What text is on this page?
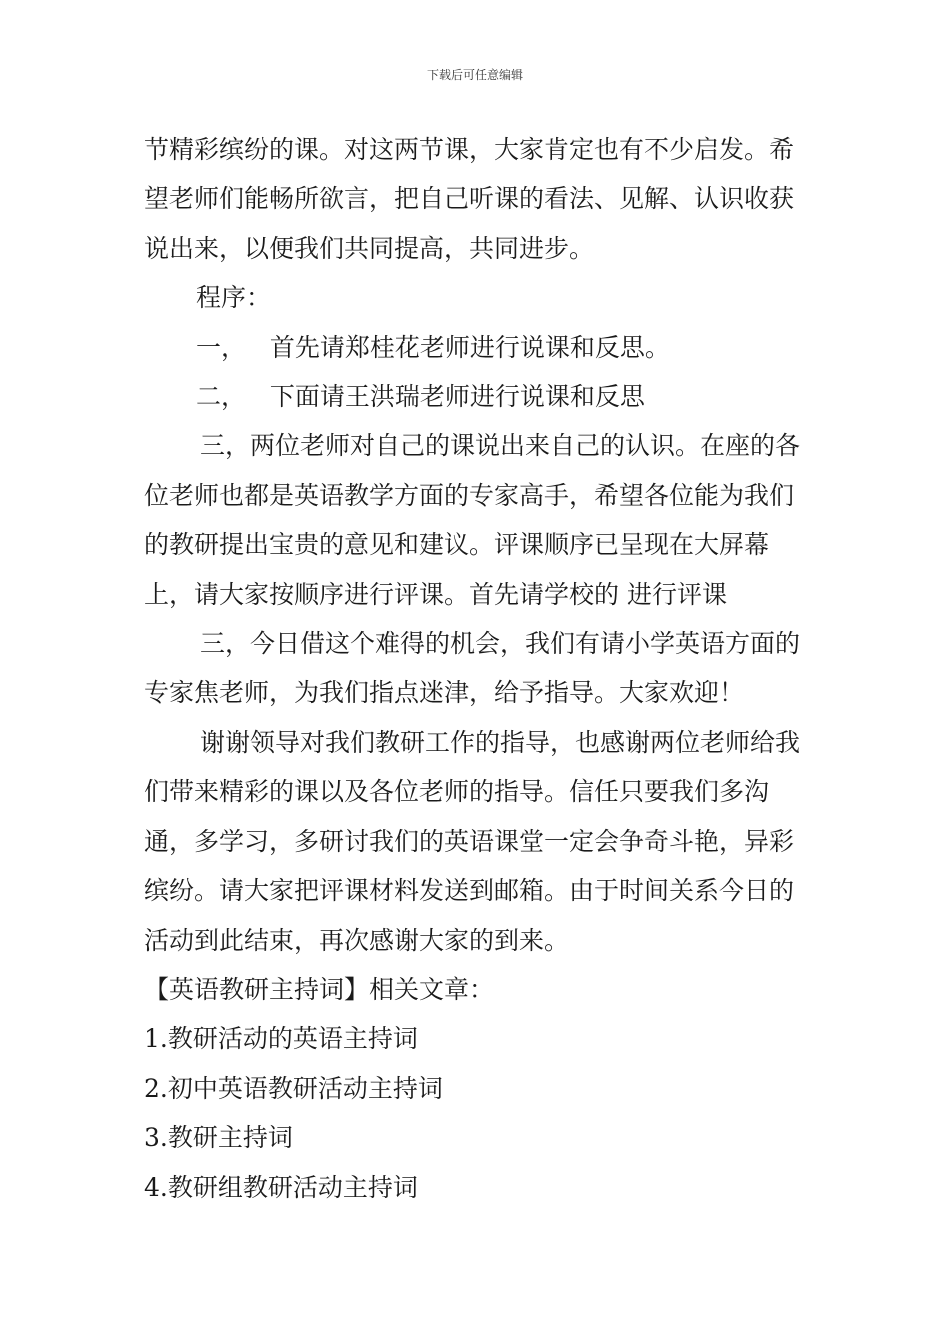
下载后可任意编辑

节精彩缤纷的课。对这两节课，大家肯定也有不少启发。希望老师们能畅所欲言，把自己听课的看法、见解、认识收获说出来，以便我们共同提高，共同进步。

程序：

一，   首先请郑桂花老师进行说课和反思。

二，   下面请王洪瑞老师进行说课和反思

三，两位老师对自己的课说出来自己的认识。在座的各位老师也都是英语教学方面的专家高手，希望各位能为我们的教研提出宝贵的意见和建议。评课顺序已呈现在大屏幕上，请大家按顺序进行评课。首先请学校的 进行评课

三，今日借这个难得的机会，我们有请小学英语方面的专家焦老师，为我们指点迷津，给予指导。大家欢迎！

谢谢领导对我们教研工作的指导，也感谢两位老师给我们带来精彩的课以及各位老师的指导。信任只要我们多沟通，多学习，多研讨我们的英语课堂一定会争奇斗艳，异彩缤纷。请大家把评课材料发送到邮箱。由于时间关系今日的活动到此结束，再次感谢大家的到来。

【英语教研主持词】相关文章：

1.教研活动的英语主持词

2.初中英语教研活动主持词

3.教研主持词

4.教研组教研活动主持词
